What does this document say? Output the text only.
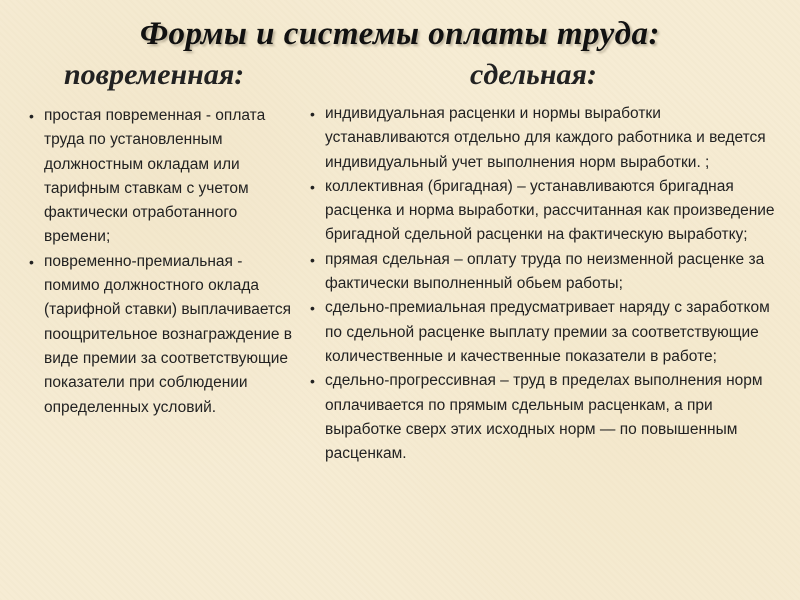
Формы и системы оплаты труда:
повременная:	сдельная:
• простая повременная - оплата труда по установленным должностным окладам или тарифным ставкам с учетом фактически отработанного времени;
• повременно-премиальная - помимо должностного оклада (тарифной ставки) выплачивается поощрительное вознаграждение в виде премии за соответствующие показатели при соблюдении определенных условий.
• индивидуальная расценки и нормы выработки устанавливаются отдельно для каждого работника и ведется индивидуальный учет выполнения норм выработки. ;
• коллективная (бригадная) – устанавливаются бригадная расценка и норма выработки, рассчитанная как произведение бригадной сдельной расценки на фактическую выработку;
• прямая сдельная – оплату труда по неизменной расценке за фактически выполненный обьем работы;
• сдельно-премиальная предусматривает наряду с заработком по сдельной расценке выплату премии за соответствующие количественные и качественные показатели в работе;
• сдельно-прогрессивная – труд в пределах выполнения норм оплачивается по прямым сдельным расценкам, а при выработке сверх этих исходных норм — по повышенным расценкам.
